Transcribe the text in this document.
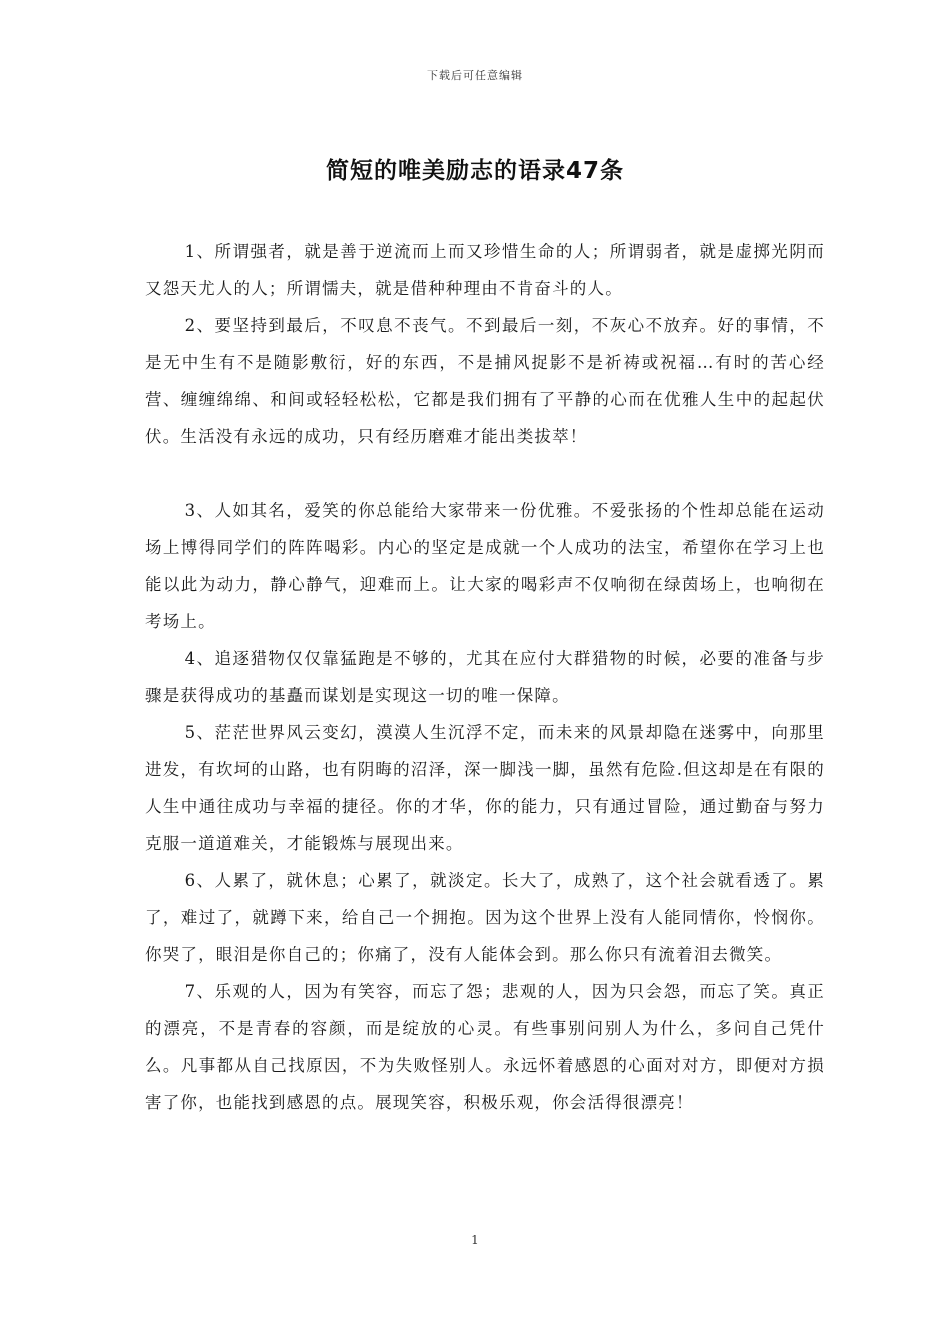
下载后可任意编辑
简短的唯美励志的语录47条

1、所谓强者，就是善于逆流而上而又珍惜生命的人；所谓弱者，就是虚掷光阴而又怨天尤人的人；所谓懦夫，就是借种种理由不肯奋斗的人。

2、要坚持到最后，不叹息不丧气。不到最后一刻，不灰心不放弃。好的事情，不是无中生有不是随影敷衍，好的东西，不是捕风捉影不是祈祷或祝福…有时的苦心经营、缠缠绵绵、和间或轻轻松松，它都是我们拥有了平静的心而在优雅人生中的起起伏伏。生活没有永远的成功，只有经历磨难才能出类拔萃！

3、人如其名，爱笑的你总能给大家带来一份优雅。不爱张扬的个性却总能在运动场上博得同学们的阵阵喝彩。内心的坚定是成就一个人成功的法宝，希望你在学习上也能以此为动力，静心静气，迎难而上。让大家的喝彩声不仅响彻在绿茵场上，也响彻在考场上。

4、追逐猎物仅仅靠猛跑是不够的，尤其在应付大群猎物的时候，必要的准备与步骤是获得成功的基矗而谋划是实现这一切的唯一保障。

5、茫茫世界风云变幻，漠漠人生沉浮不定，而未来的风景却隐在迷雾中，向那里进发，有坎坷的山路，也有阴晦的沼泽，深一脚浅一脚，虽然有危险.但这却是在有限的人生中通往成功与幸福的捷径。你的才华，你的能力，只有通过冒险，通过勤奋与努力克服一道道难关，才能锻炼与展现出来。

6、人累了，就休息；心累了，就淡定。长大了，成熟了，这个社会就看透了。累了，难过了，就蹲下来，给自己一个拥抱。因为这个世界上没有人能同情你，怜悯你。你哭了，眼泪是你自己的；你痛了，没有人能体会到。那么你只有流着泪去微笑。

7、乐观的人，因为有笑容，而忘了怨；悲观的人，因为只会怨，而忘了笑。真正的漂亮，不是青春的容颜，而是绽放的心灵。有些事别问别人为什么，多问自己凭什么。凡事都从自己找原因，不为失败怪别人。永远怀着感恩的心面对对方，即便对方损害了你，也能找到感恩的点。展现笑容，积极乐观，你会活得很漂亮！

1
